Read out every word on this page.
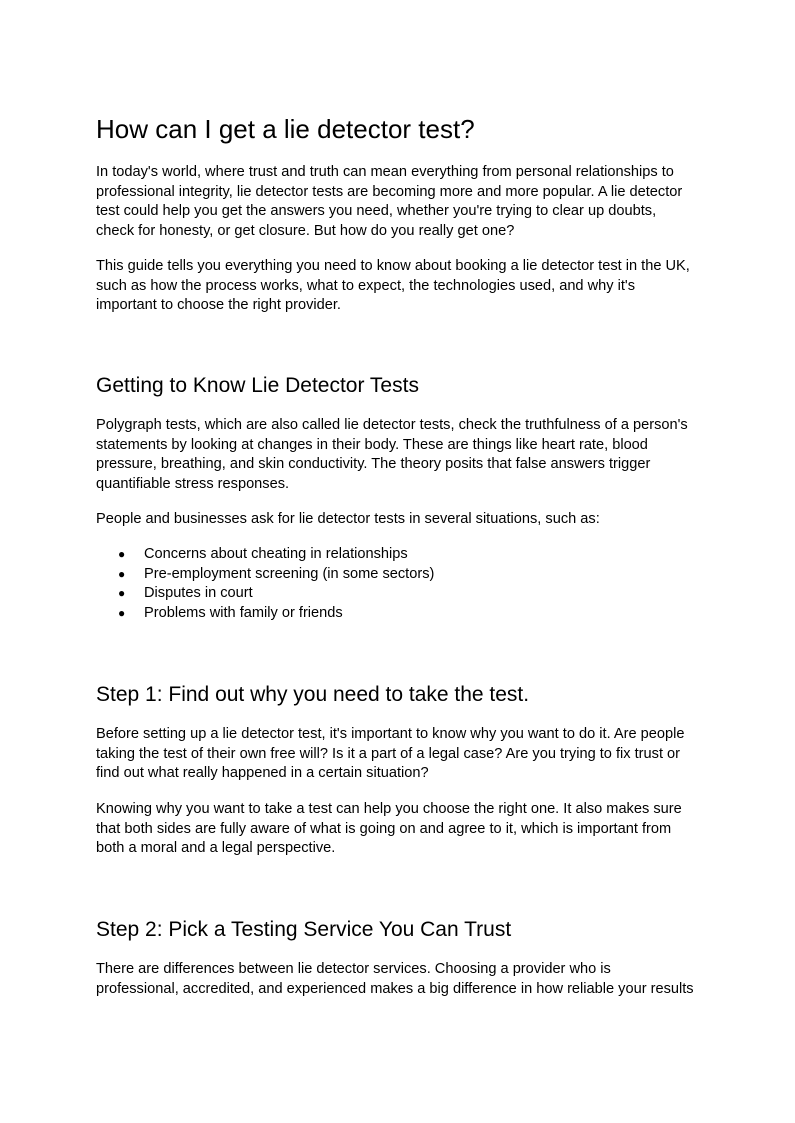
How can I get a lie detector test?

In today's world, where trust and truth can mean everything from personal relationships to
professional integrity, lie detector tests are becoming more and more popular. A lie detector
test could help you get the answers you need, whether you're trying to clear up doubts,
check for honesty, or get closure. But how do you really get one?

This guide tells you everything you need to know about booking a lie detector test in the UK,
such as how the process works, what to expect, the technologies used, and why it's
important to choose the right provider.

Getting to Know Lie Detector Tests

Polygraph tests, which are also called lie detector tests, check the truthfulness of a person's
statements by looking at changes in their body. These are things like heart rate, blood
pressure, breathing, and skin conductivity. The theory posits that false answers trigger
quantifiable stress responses.

People and businesses ask for lie detector tests in several situations, such as:

● Concerns about cheating in relationships
● Pre-employment screening (in some sectors)
● Disputes in court
● Problems with family or friends
Step 1: Find out why you need to take the test.

Before setting up a lie detector test, it's important to know why you want to do it. Are people
taking the test of their own free will? Is it a part of a legal case? Are you trying to fix trust or
find out what really happened in a certain situation?

Knowing why you want to take a test can help you choose the right one. It also makes sure
that both sides are fully aware of what is going on and agree to it, which is important from
both a moral and a legal perspective.

Step 2: Pick a Testing Service You Can Trust

There are differences between lie detector services. Choosing a provider who is
professional, accredited, and experienced makes a big difference in how reliable your results
